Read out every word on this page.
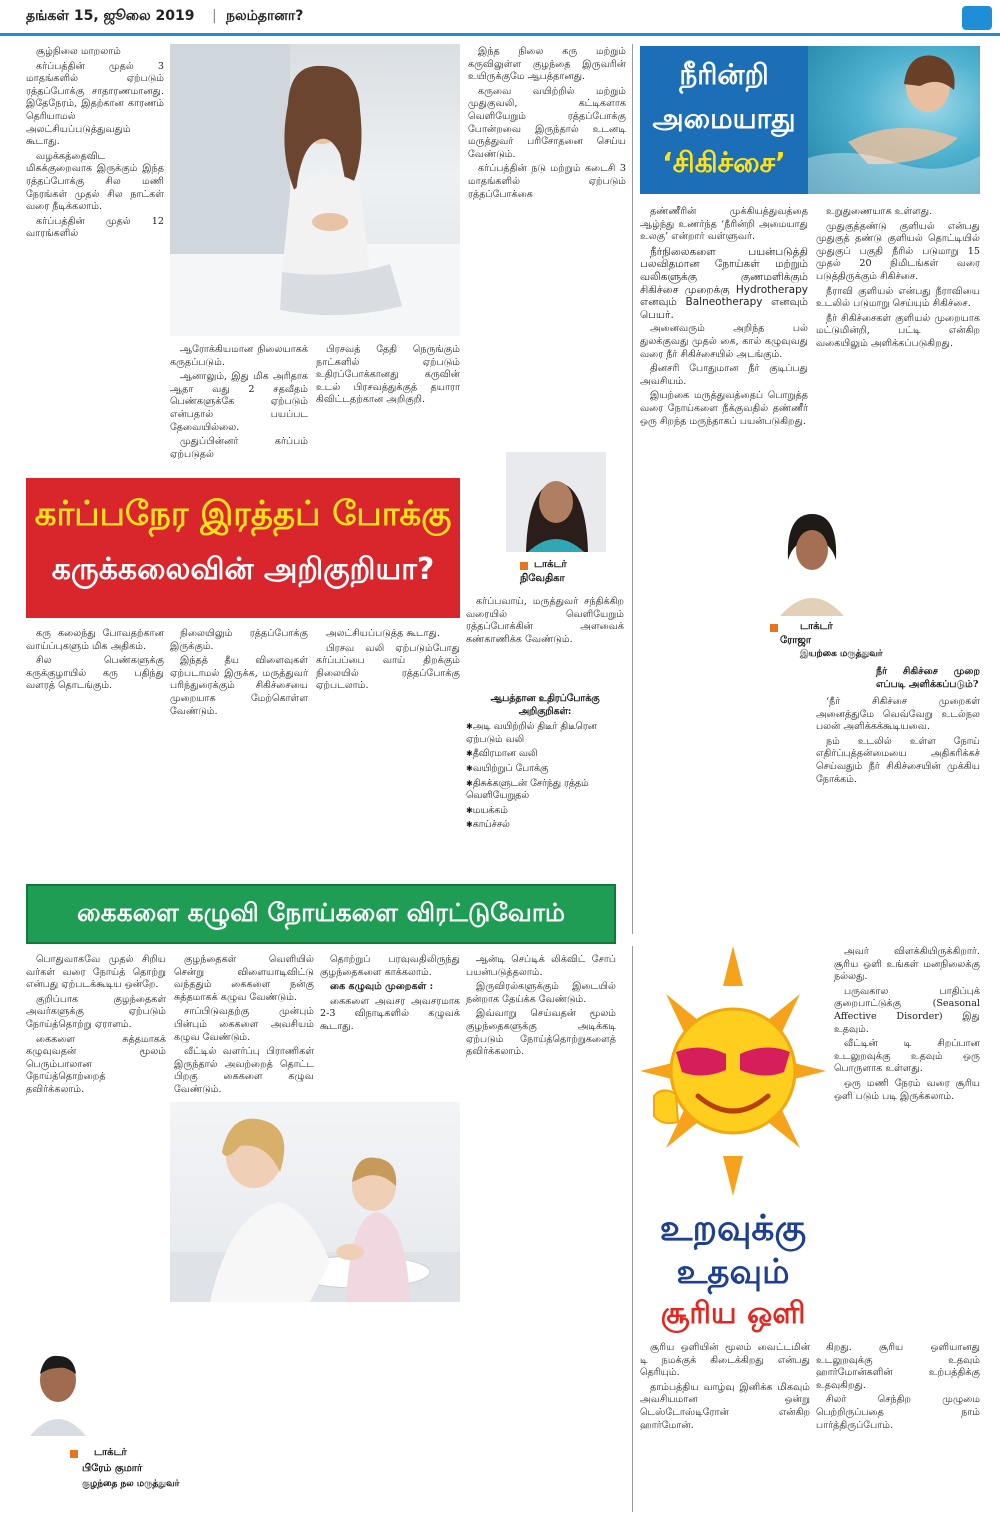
தங்கள் 15, ஜூலை 2019 | நலம்தானா?

சூழ்நிலை மாறலாம்

கர்ப்பத்தின் முதல் 3 மாதங்களில் ஏற்படும் ரத்தப்போக்கு சாதாரணமானது. இதேநேரம், இதற்கான காரணம் தெரியாமல் அலட்சியப்படுத்துவதும் கூடாது.

வழக்கத்தைவிட மிகக்குறைவாக இருக்கும் இந்த ரத்தப்போக்கு சில மணி நேரங்கள் முதல் சில நாட்கள் வரை நீடிக்கலாம்.

கர்ப்பத்தின் முதல் 12 வாரங்களில்

ஆரோக்கியமான நிலையாகக் கருதப்படும்.

ஆனாலும், இது மிக அரிதாக ஆதா வது 2 சதவீதம் பெண்களுக்கே ஏற்படும் என்பதால் பயப்பட தேவையில்லை.

முதுப்பின்னர் கர்ப்பம் ஏற்படுதல்

பிரசவத் தேதி நெருங்கும் நாட்களில் ஏற்படும் உதிரப்போக்கானது கருவின் உடல் பிரசவத்துக்குத் தயாரா கிவிட்டதற்கான அறிகுறி.

இந்த நிலை கரு மற்றும் கருவிலுள்ள குழந்தை இருவரின் உயிருக்குமே ஆபத்தானது.

கருவை வயிற்றில் மற்றும் முதுகுவலி, கட்டிகளாக வெளியேறும் ரத்தப்போக்கு போன்றவை இருந்தால் உடனடி மருத்துவர் பரிசோதனை செய்ய வேண்டும்.

கர்ப்பத்தின் நடு மற்றும் கடைசி 3 மாதங்களில் ஏற்படும் ரத்தப்போக்கை

டாக்டர்
நிவேதிகா
கர்ப்பநேர இரத்தப் போக்கு
கருக்கலைவின் அறிகுறியா?

கரு கலைந்து போவதற்கான வாய்ப்புகளும் மிக அதிகம்.

சில பெண்களுக்கு கருக்குழாயில் கரு பதிந்து வளரத் தொடங்கும்.

நிலையிலும் ரத்தப்போக்கு இருக்கும்.

இந்தத் தீய விளைவுகள் ஏற்படாமல் இருக்க, மருத்துவர் பரிந்துரைக்கும் சிகிச்சையை முறையாக மேற்கொள்ள வேண்டும்.

அலட்சியப்படுத்த கூடாது.

பிரசவ வலி ஏற்படும்போது கர்ப்பப்பை வாய் திறக்கும் நிலையில் ரத்தப்போக்கு ஏற்படலாம்.

கர்ப்பவாய், மருத்துவர் சந்திக்கிற வரையில் வெளியேறும் ரத்தப்போக்கின் அளவைக் கண்காணிக்க வேண்டும்.

ஆபத்தான உதிரப்போக்கு அறிகுறிகள்:
✱ அடி வயிற்றில் திடீர் திடீரென ஏற்படும் வலி
✱ தீவிரமான வலி
✱ வயிற்றுப் போக்கு
✱ திசுக்களுடன் சேர்ந்து ரத்தம் வெளியேறுதல்
✱ மயக்கம்
✱ காய்ச்சல்
நீரின்றி
அமையாது
‘சிகிச்சை’

தண்ணீரின் முக்கியத்துவத்தை ஆழ்ந்து உணர்ந்த ‘நீரின்றி அமையாது உலகு’ என்றார் வள்ளுவர்.

நீர்நிலைகளை பயன்படுத்தி பலவிதமான நோய்கள் மற்றும் வலிகளுக்கு குணமளிக்கும் சிகிச்சை முறைக்கு Hydrotherapy எனவும் Balneotherapy எனவும் பெயர்.

அனைவரும் அறிந்த பல் துலக்குவது முதல் கை, கால் கழுவுவது வரை நீர் சிகிச்சையில் அடங்கும்.

தினசரி போதுமான நீர் குடிப்பது அவசியம்.

இயற்கை மருத்துவத்தைப் பொறுத்த வரை நோய்களை நீக்குவதில் தண்ணீர் ஒரு சிறந்த மருந்தாகப் பயன்படுகிறது.

டாக்டர்
ரோஜா
இயற்கை மருத்துவர்

உறுதுணையாக உள்ளது.

முதுகுத்தண்டு குளியல் என்பது முதுகுத் தண்டு குளியல் தொட்டியில் முதுகுப் பகுதி நீரில் படுமாறு 15 முதல் 20 நிமிடங்கள் வரை படுத்திருக்கும் சிகிச்சை.

நீராவி குளியல் என்பது நீராவியை உடலில் படுமாறு செய்யும் சிகிச்சை.

நீர் சிகிச்சைகள் குளியல் முறையாக மட்டுமின்றி, பட்டி என்கிற வகையிலும் அளிக்கப்படுகிறது.

நீர் சிகிச்சை முறை எப்படி அளிக்கப்படும்?

‘நீர் சிகிச்சை முறைகள் அனைத்துமே வெவ்வேறு உடல்நல பலன் அளிக்கக்கூடியவை.

நம் உடலில் உள்ள நோய் எதிர்ப்புத்தன்மையை அதிகரிக்கச் செய்வதும் நீர் சிகிச்சையின் முக்கிய நோக்கம்.

கைகளை கழுவி நோய்களை விரட்டுவோம்

பொதுவாகவே முதல் சிறிய வர்கள் வரை நோய்த் தொற்று என்பது ஏற்படக்கூடிய ஒன்றே.

குறிப்பாக குழந்தைகள் அவர்களுக்கு ஏற்படும் நோய்த்தொற்று ஏராளம்.

கைகளை சுத்தமாகக் கழுவுவதன் மூலம் பெரும்பாலான நோய்த்தொற்றைத் தவிர்க்கலாம்.

குழந்தைகள் வெளியில் சென்று விளையாடிவிட்டு வந்ததும் கைகளை நன்கு சுத்தமாகக் கழுவ வேண்டும்.

சாப்பிடுவதற்கு முன்பும் பின்பும் கைகளை அவசியம் கழுவ வேண்டும்.

வீட்டில் வளர்ப்பு பிராணிகள் இருந்தால் அவற்றைத் தொட்ட பிறகு கைகளை கழுவ வேண்டும்.

தொற்றுப் பரவுவதிலிருந்து குழந்தைகளை காக்கலாம்.

கை கழுவும் முறைகள் :

கைகளை அவசர அவசரமாக 2-3 விநாடிகளில் கழுவக் கூடாது.

ஆன்டி செப்டிக் லிக்விட் சோப் பயன்படுத்தலாம்.

இருவிரல்களுக்கும் இடையில் நன்றாக தேய்க்க வேண்டும்.

இவ்வாறு செய்வதன் மூலம் குழந்தைகளுக்கு அடிக்கடி ஏற்படும் நோய்த்தொற்றுகளைத் தவிர்க்கலாம்.

டாக்டர்
பிரேம் குமார்
குழந்தை நல மருத்துவர்
உறவுக்கு
உதவும்
சூரிய ஒளி

அவர் விளக்கியிருக்கிறார். சூரிய ஒளி உங்கள் மனநிலைக்கு நல்லது.

பருவகால பாதிப்புக் குறைபாட்டுக்கு (Seasonal Affective Disorder) இது உதவும்.

வீட்டின் டி சிறப்பான உடலுறவுக்கு உதவும் ஒரு பொருளாக உள்ளது.

ஒரு மணி நேரம் வரை சூரிய ஒளி படும் படி இருக்கலாம்.

சூரிய ஒளியின் மூலம் வைட்டமின் டி நமக்குக் கிடைக்கிறது என்பது தெரியும்.

தாம்பத்திய வாழ்வு இனிக்க மிகவும் அவசியமான ஒன்று டெஸ்டோஸ்டிரோன் என்கிற ஹார்மோன்.

கிறது. சூரிய ஒளியானது உடலுறவுக்கு உதவும் ஹார்மோன்களின் உற்பத்திக்கு உதவுகிறது.

சிலர் செந்திற முழுமை பெற்றிருப்பதை நாம் பார்த்திருப்போம்.
